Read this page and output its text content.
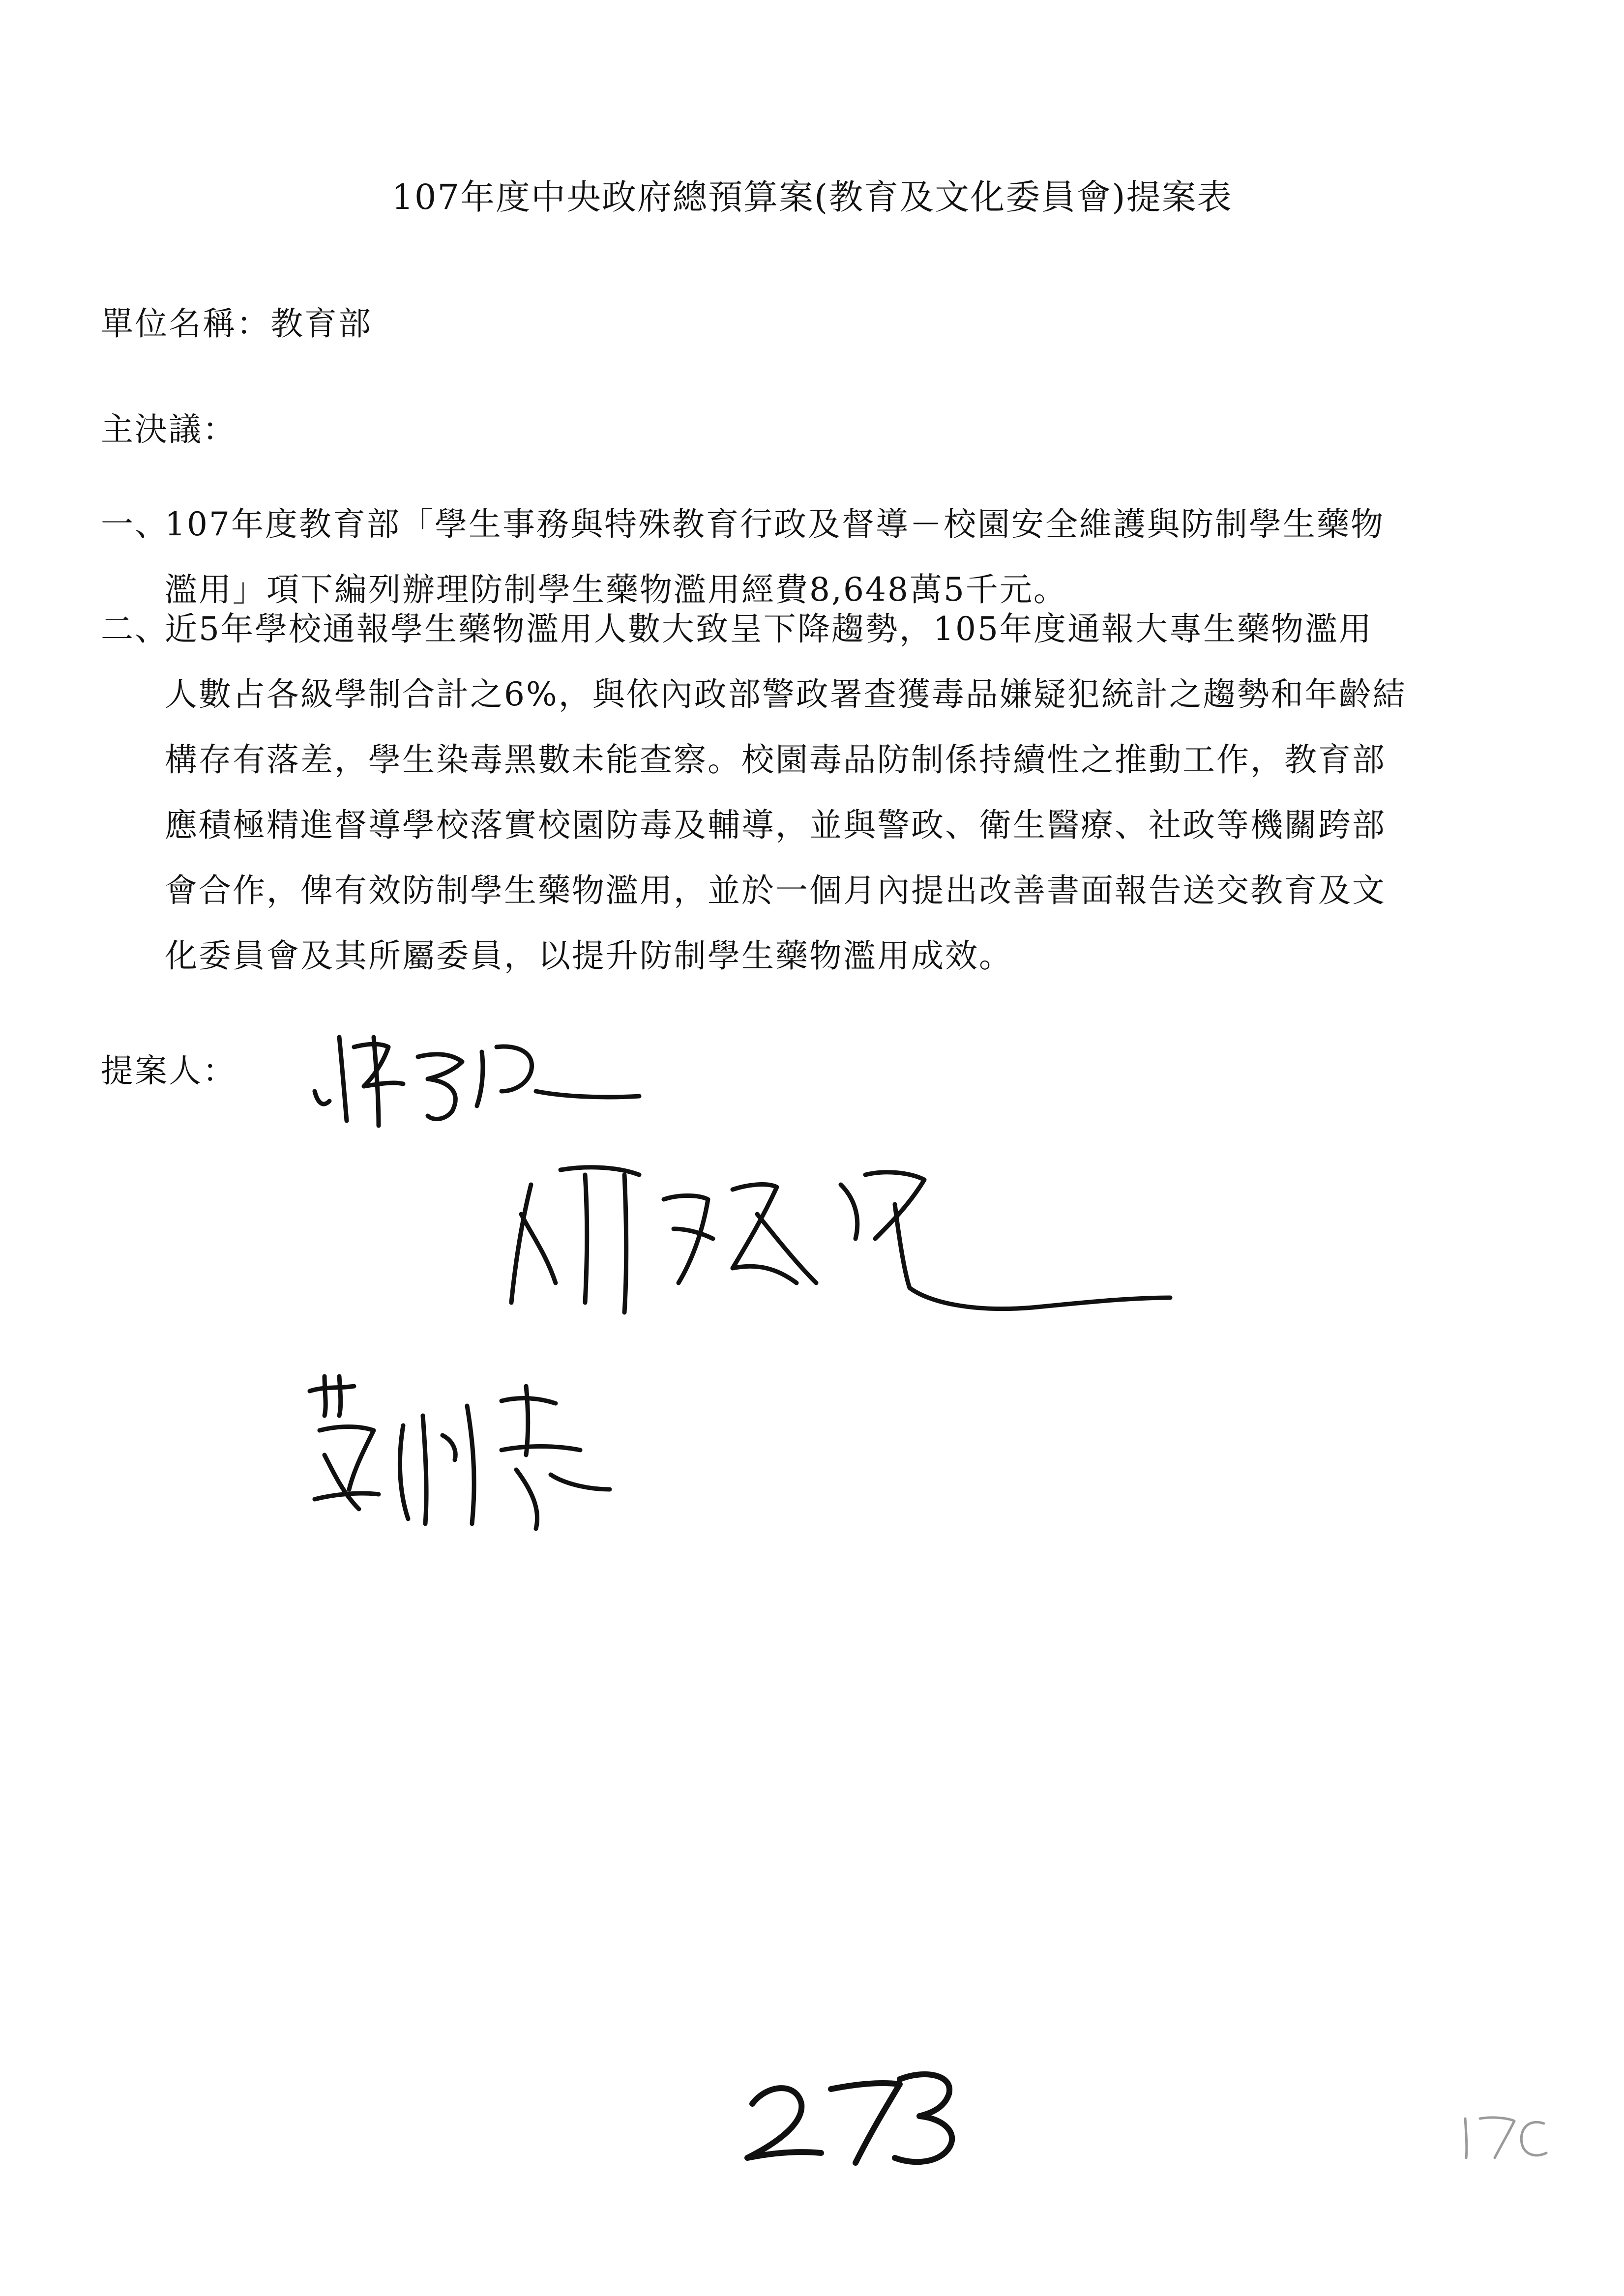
107年度中央政府總預算案(教育及文化委員會)提案表
單位名稱：教育部
主決議：
一、
107年度教育部「學生事務與特殊教育行政及督導－校園安全維護與防制學生藥物
濫用」項下編列辦理防制學生藥物濫用經費8,648萬5千元。
二、
近5年學校通報學生藥物濫用人數大致呈下降趨勢，105年度通報大專生藥物濫用
人數占各級學制合計之6%，與依內政部警政署查獲毒品嫌疑犯統計之趨勢和年齡結
構存有落差，學生染毒黑數未能查察。校園毒品防制係持續性之推動工作，教育部
應積極精進督導學校落實校園防毒及輔導，並與警政、衛生醫療、社政等機關跨部
會合作，俾有效防制學生藥物濫用，並於一個月內提出改善書面報告送交教育及文
化委員會及其所屬委員，以提升防制學生藥物濫用成效。
提案人：
